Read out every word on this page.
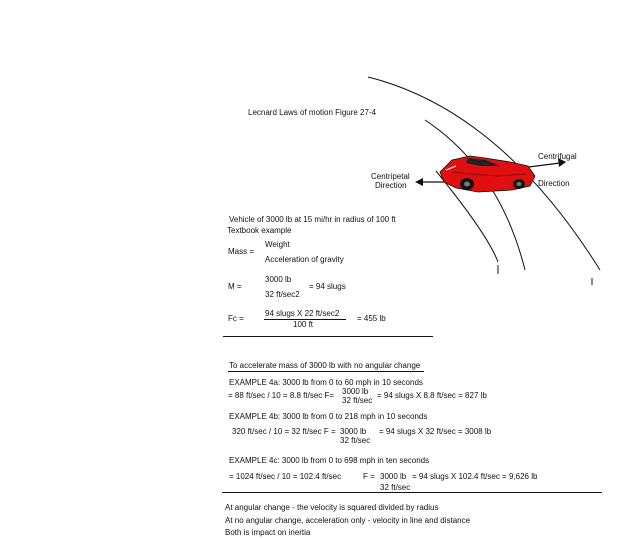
Lecnard Laws of motion Figure 27-4
Centripetal
Direction
Centrifugal
Direction
Vehicle of 3000 lb at 15 mi/hr in radius of 100 ft
Textbook example
Mass =
Weight
Acceleration of gravity
M =
3000 lb
= 94 slugs
32 ft/sec2
Fc =
94 slugs X 22 ft/sec2
= 455 lb
100 ft
To accelerate mass of 3000 lb with no angular change
EXAMPLE 4a: 3000 lb from 0 to 60 mph in 10 seconds
= 88 ft/sec / 10 = 8.8 ft/sec F= 3000 lb
32 ft/sec
= 94 slugs X 8.8 ft/sec = 827 lb
EXAMPLE 4b: 3000 lb from 0 to 218 mph in 10 seconds
320 ft/sec / 10 = 32 ft/sec F = 3000 lb
32 ft/sec
= 94 slugs X 32 ft/sec = 3008 lb
EXAMPLE 4c: 3000 lb from 0 to 698 mph in ten seconds
= 1024 ft/sec / 10 = 102.4 ft/sec	F = 3000 lb
32 ft/sec
= 94 slugs X 102.4 ft/sec = 9,626 lb
At angular change - the velocity is squared divided by radius
At no angular change, acceleration only - velocity in line and distance
Both is impact on inertia
